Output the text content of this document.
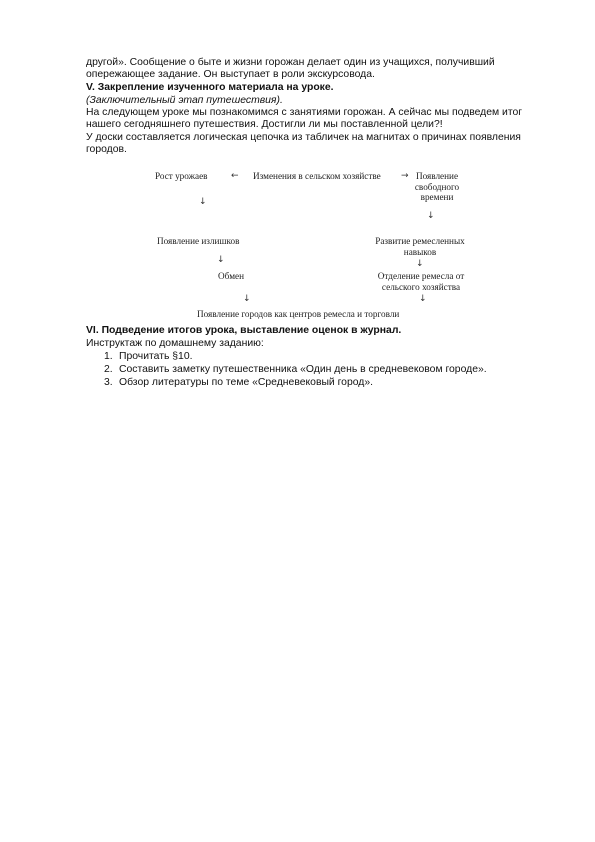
другой». Сообщение о быте и жизни горожан делает один из учащихся, получивший
опережающее задание. Он выступает в роли экскурсовода.
V. Закрепление изученного материала на уроке.
(Заключительный этап путешествия).
На следующем уроке мы познакомимся с занятиями горожан. А сейчас мы подведем итог
нашего сегодняшнего путешествия. Достигли ли мы поставленной цели?!
У доски составляется логическая цепочка из табличек на магнитах о причинах появления
городов.
Рост урожаев	← Изменения в сельском хозяйстве → Появление
свободного
времени
↓
↓
Появление излишков	Развитие ремесленных
навыков
↓	↓
Обмен	Отделение ремесла от
сельского хозяйства
↓	↓
Появление городов как центров ремесла и торговли
VI. Подведение итогов урока, выставление оценок в журнал.
Инструктаж по домашнему заданию:
1. Прочитать §10.
2. Составить заметку путешественника «Один день в средневековом городе».
3. Обзор литературы по теме «Средневековый город».
